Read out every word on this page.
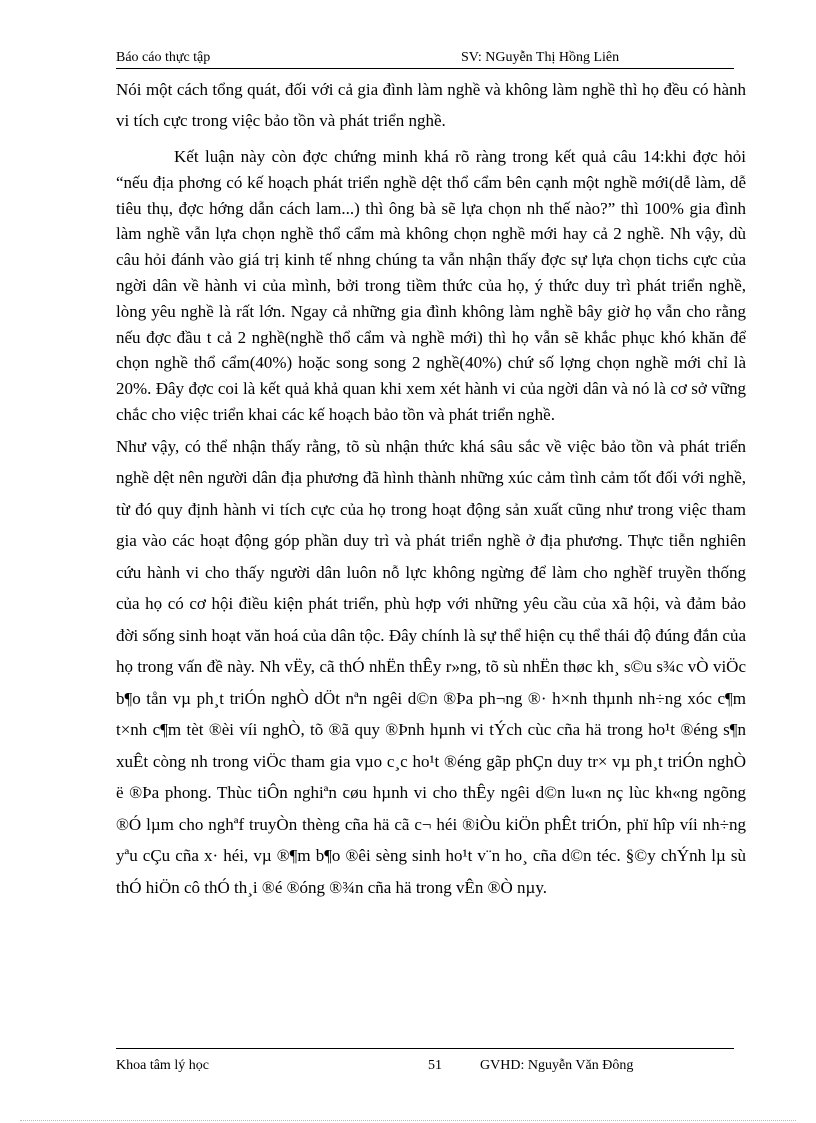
Báo cáo thực tập	SV: NGuyễn Thị Hồng Liên

Nói một cách tổng quát, đối với cả gia đình làm nghề và không làm nghề thì họ đều có hành vi tích cực trong việc bảo tồn và phát triển nghề.

Kết luận này còn đợc chứng minh khá rõ ràng trong kết quả câu 14:khi đợc hỏi “nếu địa phơng có kế hoạch phát triển nghề dệt thổ cẩm bên cạnh một nghề mới(dễ làm, dễ tiêu thụ, đợc hớng dẫn cách lam...) thì ông bà sẽ lựa chọn nh thế nào?” thì 100% gia đình làm nghề vẫn lựa chọn nghề thổ cẩm mà không chọn nghề mới hay cả 2 nghề. Nh vậy, dù câu hỏi đánh vào giá trị kinh tế nhng chúng ta vẫn nhận thấy đợc sự lựa chọn tichs cực của ngời dân về hành vi của mình, bởi trong tiềm thức của họ, ý thức duy trì phát triển nghề, lòng yêu nghề là rất lớn. Ngay cả những gia đình không làm nghề bây giờ họ vẫn cho rằng nếu đợc đầu t cả 2 nghề(nghề thổ cẩm và nghề mới) thì họ vẫn sẽ khắc phục khó khăn để chọn nghề thổ cẩm(40%) hoặc song song 2 nghề(40%) chứ số lợng chọn nghề mới chỉ là 20%. Đây đợc coi là kết quả khả quan khi xem xét hành vi của ngời dân và nó là cơ sở vững chắc cho việc triển khai các kế hoạch bảo tồn và phát triển nghề.

Như vậy, có thể nhận thấy rằng, tõ sù nhận thức khá sâu sắc về việc bảo tồn và phát triển nghề dệt nên người dân địa phương đã hình thành những xúc cảm tình cảm tốt đối với nghề, từ đó quy định hành vi tích cực của họ trong hoạt động sản xuất cũng như trong việc tham gia vào các hoạt động góp phần duy trì và phát triển nghề ở địa phương. Thực tiễn nghiên cứu hành vi cho thấy người dân luôn nỗ lực không ngừng để làm cho nghềf truyền thống của họ có cơ hội điều kiện phát triển, phù hợp với những yêu cầu của xã hội, và đảm bảo đời sống sinh hoạt văn hoá của dân tộc. Đây chính là sự thể hiện cụ thể thái độ đúng đắn của họ trong vấn đề này. Nh vËy, cã thÓ nhËn thÊy r»ng, tõ sù nhËn thøc kh¸ s©u s¾c vÒ viÖc b¶o tån vµ ph¸t triÓn nghÒ dÖt nªn ngêi d©n ®Þa ph¬ng ®· h×nh thµnh nh÷ng xóc c¶m t×nh c¶m tèt ®èi víi nghÒ, tõ ®ã quy ®Þnh hµnh vi tÝch cùc cña hä trong ho¹t ®éng s¶n xuÊt còng nh trong viÖc tham gia vµo c¸c ho¹t ®éng gãp phÇn duy tr× vµ ph¸t triÓn nghÒ ë ®Þa phong. Thùc tiÔn nghiªn cøu hµnh vi cho thÊy ngêi d©n lu«n nç lùc kh«ng ngõng ®Ó lµm cho nghªf truyÒn thèng cña hä cã c¬ héi ®iÒu kiÖn phÊt triÓn, phï hîp víi nh÷ng yªu cÇu cña x· héi, vµ ®¶m b¶o ®êi sèng sinh ho¹t v¨n ho¸ cña d©n téc. §©y chÝnh lµ sù thÓ hiÖn cô thÓ th¸i ®é ®óng ®¾n cña hä trong vÊn ®Ò nµy.

Khoa tâm lý học	51	GVHD: Nguyễn Văn Đông
